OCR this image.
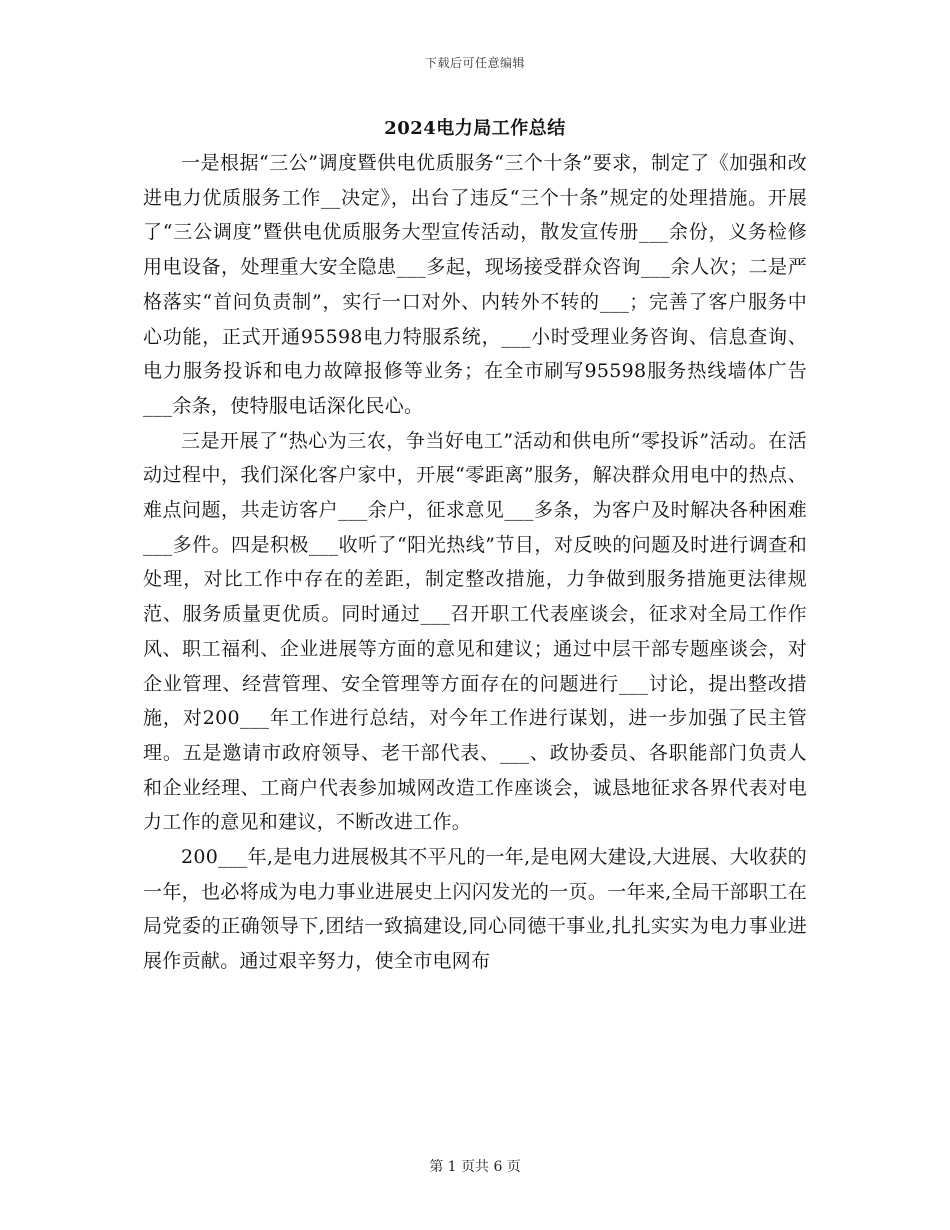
下载后可任意编辑
2024电力局工作总结

一是根据“三公”调度暨供电优质服务“三个十条”要求，制定了《加强和改进电力优质服务工作__决定》，出台了违反“三个十条”规定的处理措施。开展了“三公调度”暨供电优质服务大型宣传活动，散发宣传册___余份，义务检修用电设备，处理重大安全隐患___多起，现场接受群众咨询___余人次；二是严格落实“首问负责制”，实行一口对外、内转外不转的___；完善了客户服务中心功能，正式开通95598电力特服系统，___小时受理业务咨询、信息查询、电力服务投诉和电力故障报修等业务；在全市刷写95598服务热线墙体广告___余条，使特服电话深化民心。

三是开展了“热心为三农，争当好电工”活动和供电所“零投诉”活动。在活动过程中，我们深化客户家中，开展“零距离”服务，解决群众用电中的热点、难点问题，共走访客户___余户，征求意见___多条，为客户及时解决各种困难___多件。四是积极___收听了“阳光热线”节目，对反映的问题及时进行调查和处理，对比工作中存在的差距，制定整改措施，力争做到服务措施更法律规范、服务质量更优质。同时通过___召开职工代表座谈会，征求对全局工作作风、职工福利、企业进展等方面的意见和建议；通过中层干部专题座谈会，对企业管理、经营管理、安全管理等方面存在的问题进行___讨论，提出整改措施，对200___年工作进行总结，对今年工作进行谋划，进一步加强了民主管理。五是邀请市政府领导、老干部代表、___、政协委员、各职能部门负责人和企业经理、工商户代表参加城网改造工作座谈会，诚恳地征求各界代表对电力工作的意见和建议，不断改进工作。

200___年,是电力进展极其不平凡的一年,是电网大建设,大进展、大收获的一年，也必将成为电力事业进展史上闪闪发光的一页。一年来,全局干部职工在局党委的正确领导下,团结一致搞建设,同心同德干事业,扎扎实实为电力事业进展作贡献。通过艰辛努力，使全市电网布

第 1 页共 6 页
